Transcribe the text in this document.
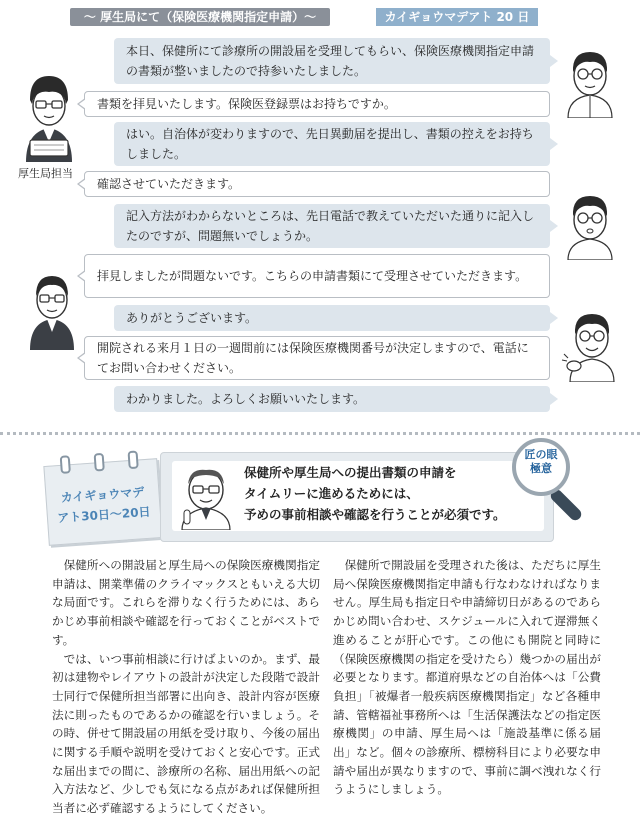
～ 厚生局にて（保険医療機関指定申請）～	カイギョウマデアト 20 日
厚生局担当
本日、保健所にて診療所の開設届を受理してもらい、保険医療機関指定申請の書類が整いましたので持参いたしました。
書類を拝見いたします。保険医登録票はお持ちですか。
はい。自治体が変わりますので、先日異動届を提出し、書類の控えをお持ちしました。
確認させていただきます。
記入方法がわからないところは、先日電話で教えていただいた通りに記入したのですが、問題無いでしょうか。
拝見しましたが問題ないです。こちらの申請書類にて受理させていただきます。
ありがとうございます。
開院される来月１日の一週間前には保険医療機関番号が決定しますので、電話にてお問い合わせください。
わかりました。よろしくお願いいたします。
カイギョウマデ
アト30日～20日
保健所や厚生局への提出書類の申請を
タイムリーに進めるためには、
予めの事前相談や確認を行うことが必須です。
匠の眼
極意

保健所への開設届と厚生局への保険医療機関指定申請は、開業準備のクライマックスともいえる大切な局面です。これらを滞りなく行うためには、あらかじめ事前相談や確認を行っておくことがベストです。

では、いつ事前相談に行けばよいのか。まず、最初は建物やレイアウトの設計が決定した段階で設計士同行で保健所担当部署に出向き、設計内容が医療法に則ったものであるかの確認を行いましょう。その時、併せて開設届の用紙を受け取り、今後の届出に関する手順や説明を受けておくと安心です。正式な届出までの間に、診療所の名称、届出用紙への記入方法など、少しでも気になる点があれば保健所担当者に必ず確認するようにしてください。

保健所で開設届を受理された後は、ただちに厚生局へ保険医療機関指定申請も行なわなければなりません。厚生局も指定日や申請締切日があるのであらかじめ問い合わせ、スケジュールに入れて遅滞無く進めることが肝心です。この他にも開院と同時に（保険医療機関の指定を受けたら）幾つかの届出が必要となります。都道府県などの自治体へは「公費負担」「被爆者一般疾病医療機関指定」など各種申請、管轄福祉事務所へは「生活保護法などの指定医療機関」の申請、厚生局へは「施設基準に係る届出」など。個々の診療所、標榜科目により必要な申請や届出が異なりますので、事前に調べ洩れなく行うようにしましょう。
